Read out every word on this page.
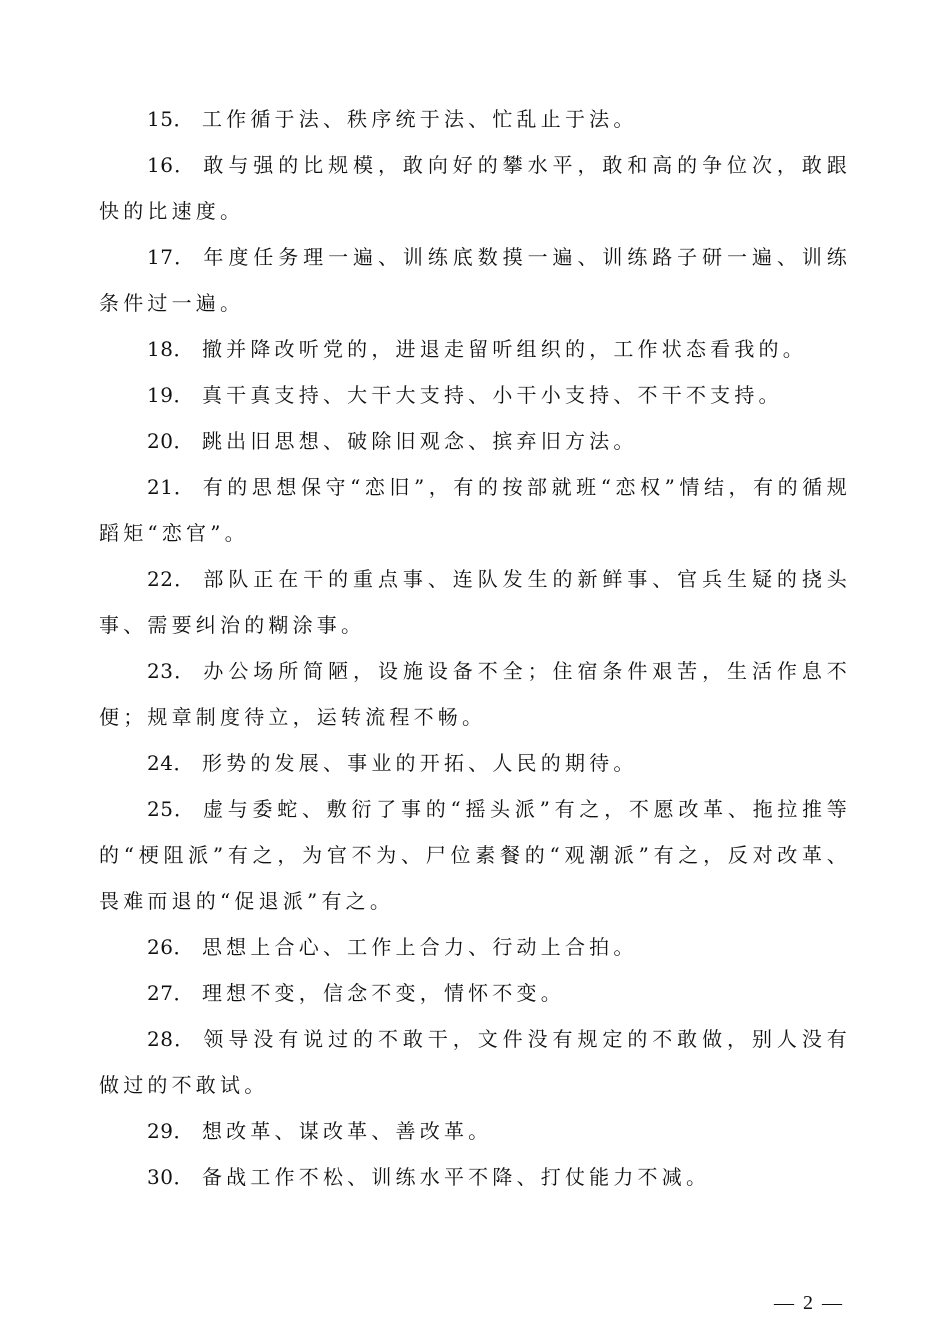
15． 工作循于法、秩序统于法、忙乱止于法。

16． 敢与强的比规模，敢向好的攀水平，敢和高的争位次，敢跟快的比速度。

17． 年度任务理一遍、训练底数摸一遍、训练路子研一遍、训练条件过一遍。

18． 撤并降改听党的，进退走留听组织的，工作状态看我的。

19． 真干真支持、大干大支持、小干小支持、不干不支持。

20． 跳出旧思想、破除旧观念、摈弃旧方法。

21． 有的思想保守“恋旧”，有的按部就班“恋权”情结，有的循规蹈矩“恋官”。

22． 部队正在干的重点事、连队发生的新鲜事、官兵生疑的挠头事、需要纠治的糊涂事。

23． 办公场所简陋，设施设备不全；住宿条件艰苦，生活作息不便；规章制度待立，运转流程不畅。

24． 形势的发展、事业的开拓、人民的期待。

25． 虚与委蛇、敷衍了事的“摇头派”有之，不愿改革、拖拉推等的“梗阻派”有之，为官不为、尸位素餐的“观潮派”有之，反对改革、畏难而退的“促退派”有之。

26． 思想上合心、工作上合力、行动上合拍。

27． 理想不变，信念不变，情怀不变。

28． 领导没有说过的不敢干，文件没有规定的不敢做，别人没有做过的不敢试。

29． 想改革、谋改革、善改革。

30． 备战工作不松、训练水平不降、打仗能力不减。

— 2 —
